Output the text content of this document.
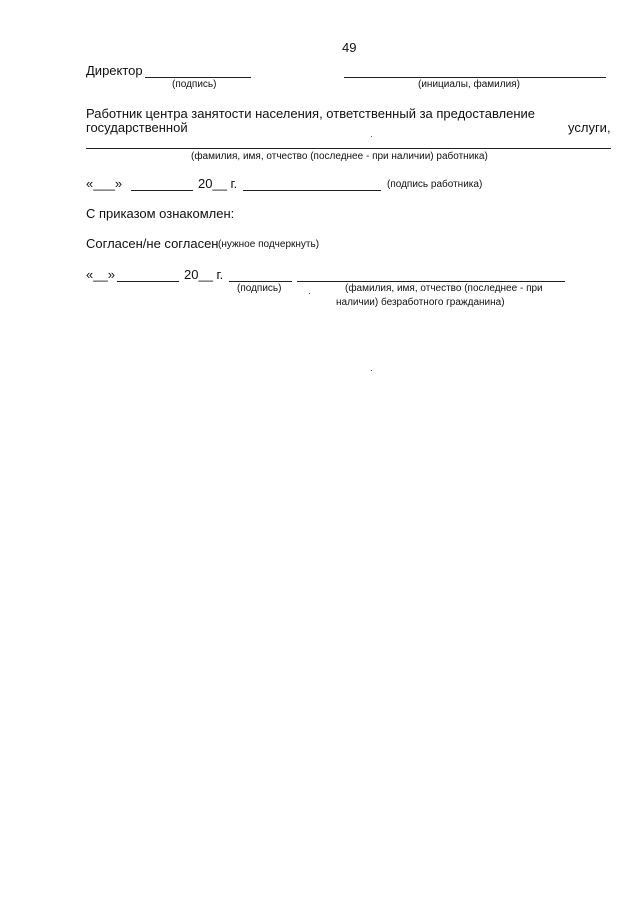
49
Директор
(подпись)	(инициалы, фамилия)
Работник центра занятости населения, ответственный за предоставление
государственной	услуги,
(фамилия, имя, отчество (последнее - при наличии) работника)
«___»	20__ г.	(подпись работника)
С приказом ознакомлен:
Согласен/не согласен (нужное подчеркнуть)
«__»	20__ г.
(подпись)	(фамилия, имя, отчество (последнее - при
наличии) безработного гражданина)
